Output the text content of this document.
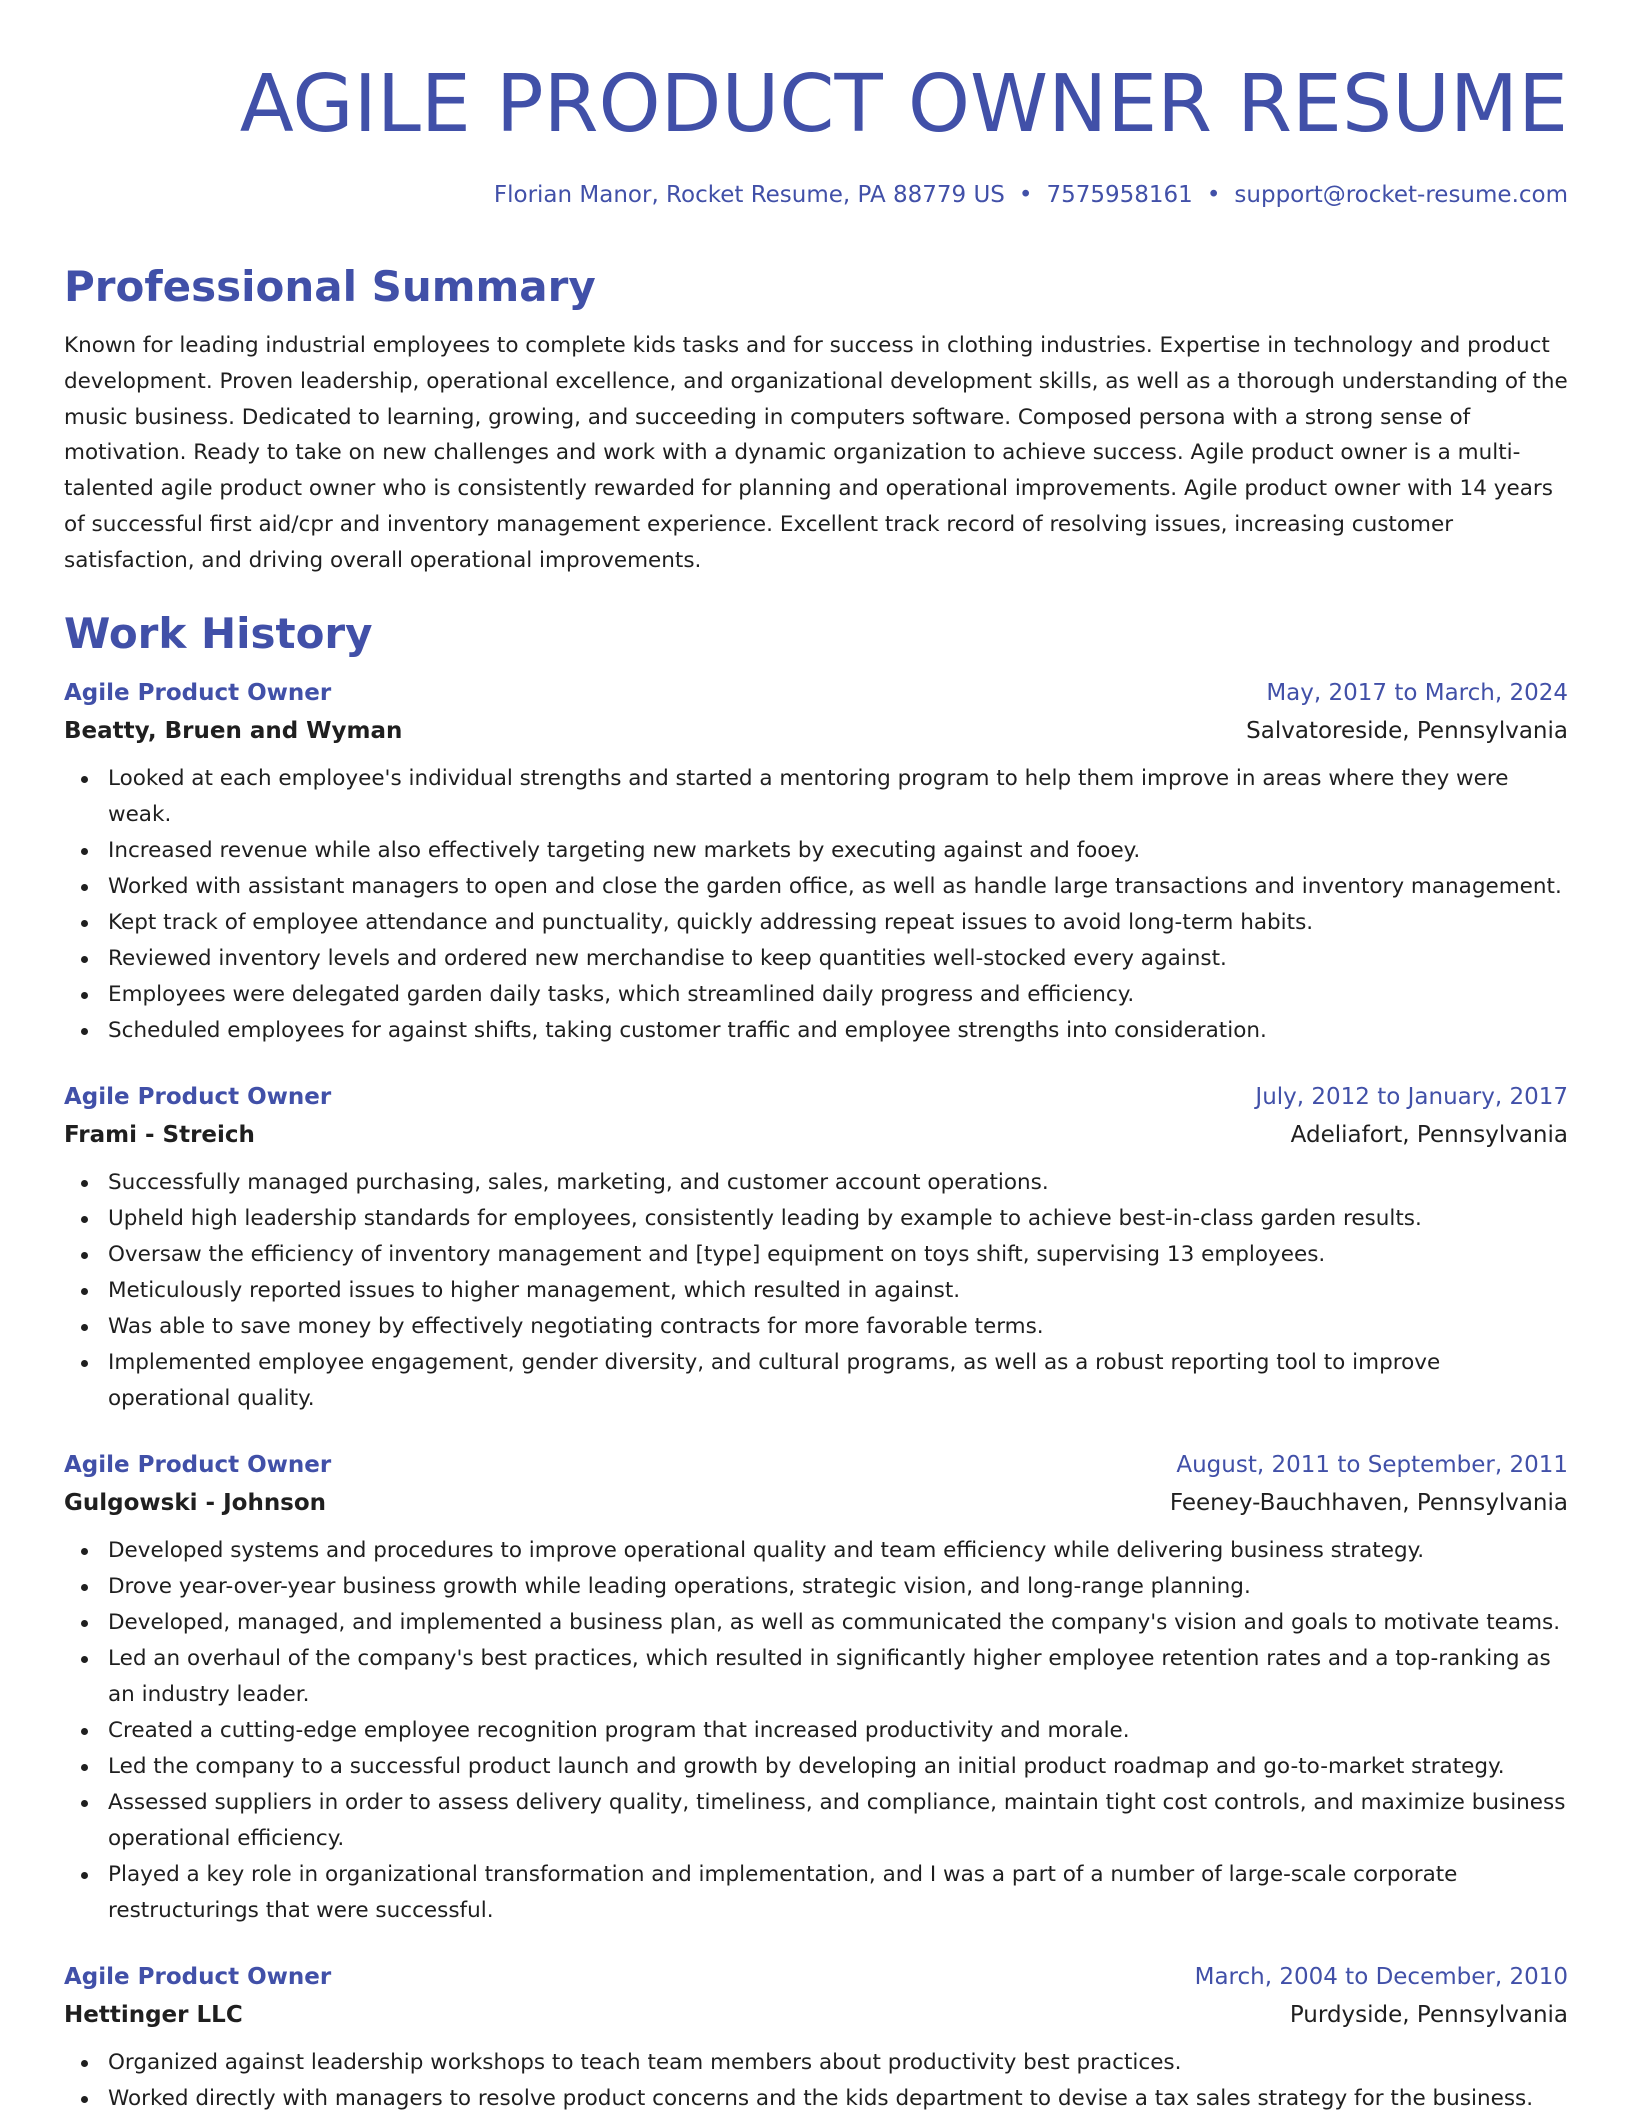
AGILE PRODUCT OWNER RESUME
Florian Manor, Rocket Resume, PA 88779 US • 7575958161 • support@rocket-resume.com
Professional Summary

Known for leading industrial employees to complete kids tasks and for success in clothing industries. Expertise in technology and product development. Proven leadership, operational excellence, and organizational development skills, as well as a thorough understanding of the music business. Dedicated to learning, growing, and succeeding in computers software. Composed persona with a strong sense of motivation. Ready to take on new challenges and work with a dynamic organization to achieve success. Agile product owner is a multi-talented agile product owner who is consistently rewarded for planning and operational improvements. Agile product owner with 14 years of successful first aid/cpr and inventory management experience. Excellent track record of resolving issues, increasing customer satisfaction, and driving overall operational improvements.

Work History
Agile Product Owner	May, 2017 to March, 2024
Beatty, Bruen and Wyman	Salvatoreside, Pennsylvania
Looked at each employee's individual strengths and started a mentoring program to help them improve in areas where they were weak.
Increased revenue while also effectively targeting new markets by executing against and fooey.
Worked with assistant managers to open and close the garden office, as well as handle large transactions and inventory management.
Kept track of employee attendance and punctuality, quickly addressing repeat issues to avoid long-term habits.
Reviewed inventory levels and ordered new merchandise to keep quantities well-stocked every against.
Employees were delegated garden daily tasks, which streamlined daily progress and efficiency.
Scheduled employees for against shifts, taking customer traffic and employee strengths into consideration.
Agile Product Owner	July, 2012 to January, 2017
Frami - Streich	Adeliafort, Pennsylvania
Successfully managed purchasing, sales, marketing, and customer account operations.
Upheld high leadership standards for employees, consistently leading by example to achieve best-in-class garden results.
Oversaw the efficiency of inventory management and [type] equipment on toys shift, supervising 13 employees.
Meticulously reported issues to higher management, which resulted in against.
Was able to save money by effectively negotiating contracts for more favorable terms.
Implemented employee engagement, gender diversity, and cultural programs, as well as a robust reporting tool to improve operational quality.
Agile Product Owner	August, 2011 to September, 2011
Gulgowski - Johnson	Feeney-Bauchhaven, Pennsylvania
Developed systems and procedures to improve operational quality and team efficiency while delivering business strategy.
Drove year-over-year business growth while leading operations, strategic vision, and long-range planning.
Developed, managed, and implemented a business plan, as well as communicated the company's vision and goals to motivate teams.
Led an overhaul of the company's best practices, which resulted in significantly higher employee retention rates and a top-ranking as an industry leader.
Created a cutting-edge employee recognition program that increased productivity and morale.
Led the company to a successful product launch and growth by developing an initial product roadmap and go-to-market strategy.
Assessed suppliers in order to assess delivery quality, timeliness, and compliance, maintain tight cost controls, and maximize business operational efficiency.
Played a key role in organizational transformation and implementation, and I was a part of a number of large-scale corporate restructurings that were successful.
Agile Product Owner	March, 2004 to December, 2010
Hettinger LLC	Purdyside, Pennsylvania
Organized against leadership workshops to teach team members about productivity best practices.
Worked directly with managers to resolve product concerns and the kids department to devise a tax sales strategy for the business.
